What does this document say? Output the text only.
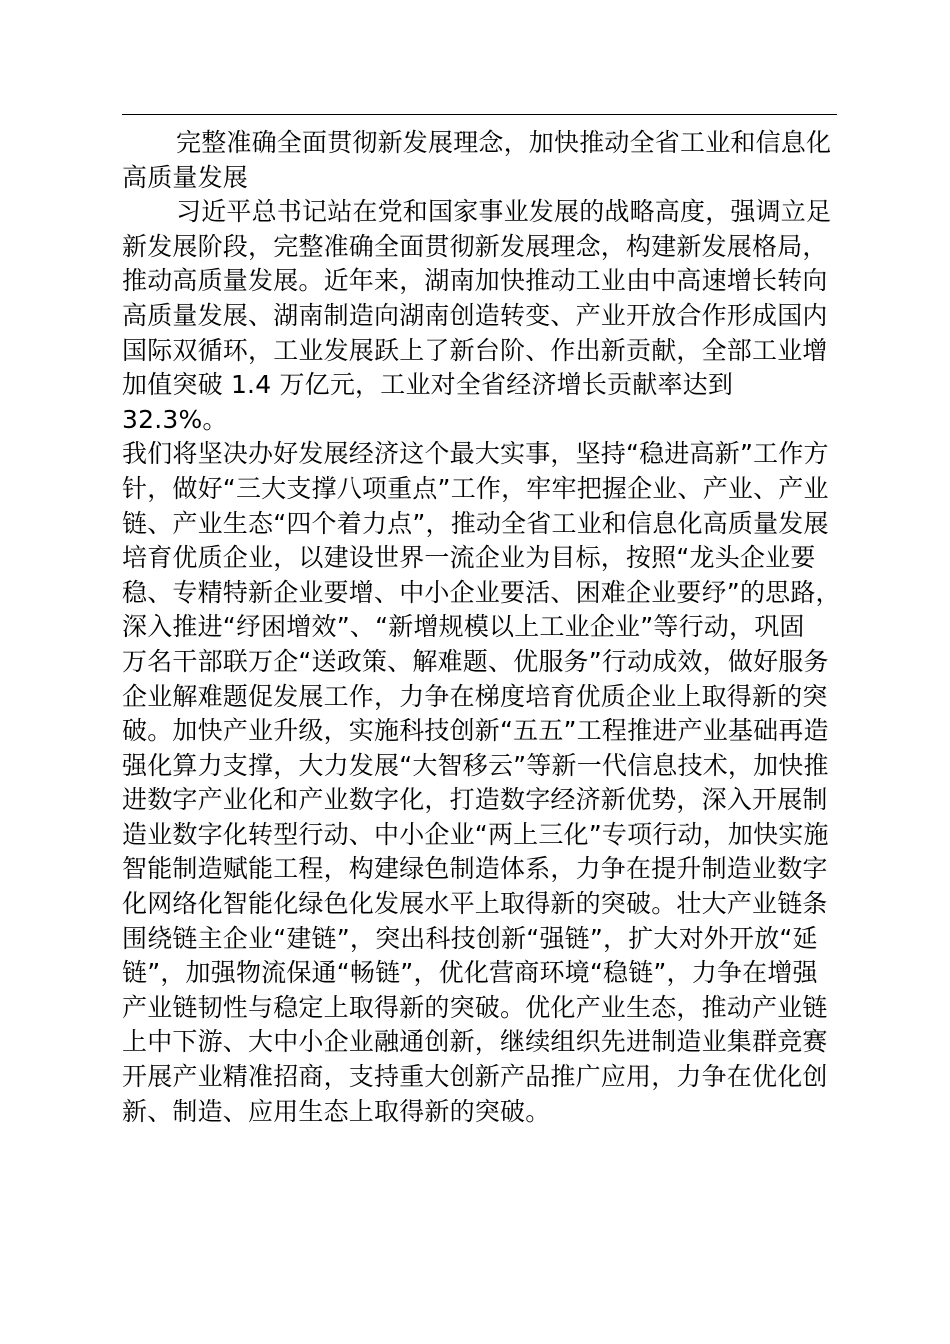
完整准确全面贯彻新发展理念，加快推动全省工业和信息化高质量发展

习近平总书记站在党和国家事业发展的战略高度，强调立足

新发展阶段，完整准确全面贯彻新发展理念，构建新发展格局，

推动高质量发展。近年来，湖南加快推动工业由中高速增长转向

高质量发展、湖南制造向湖南创造转变、产业开放合作形成国内

国际双循环，工业发展跃上了新台阶、作出新贡献，全部工业增

加值突破 1.4 万亿元，工业对全省经济增长贡献率达到 32.3%。

我们将坚决办好发展经济这个最大实事，坚持“稳进高新”工作方

针，做好“三大支撑八项重点”工作，牢牢把握企业、产业、产业

链、产业生态“四个着力点”，推动全省工业和信息化高质量发展

培育优质企业，以建设世界一流企业为目标，按照“龙头企业要

稳、专精特新企业要增、中小企业要活、困难企业要纾”的思路，

深入推进“纾困增效”、“新增规模以上工业企业”等行动，巩固

万名干部联万企“送政策、解难题、优服务”行动成效，做好服务

企业解难题促发展工作，力争在梯度培育优质企业上取得新的突

破。加快产业升级，实施科技创新“五五”工程推进产业基础再造

强化算力支撑，大力发展“大智移云”等新一代信息技术，加快推

进数字产业化和产业数字化，打造数字经济新优势，深入开展制

造业数字化转型行动、中小企业“两上三化”专项行动，加快实施

智能制造赋能工程，构建绿色制造体系，力争在提升制造业数字

化网络化智能化绿色化发展水平上取得新的突破。壮大产业链条

围绕链主企业“建链”，突出科技创新“强链”，扩大对外开放“延

链”，加强物流保通“畅链”，优化营商环境“稳链”，力争在增强

产业链韧性与稳定上取得新的突破。优化产业生态，推动产业链

上中下游、大中小企业融通创新，继续组织先进制造业集群竞赛

开展产业精准招商，支持重大创新产品推广应用，力争在优化创

新、制造、应用生态上取得新的突破。
